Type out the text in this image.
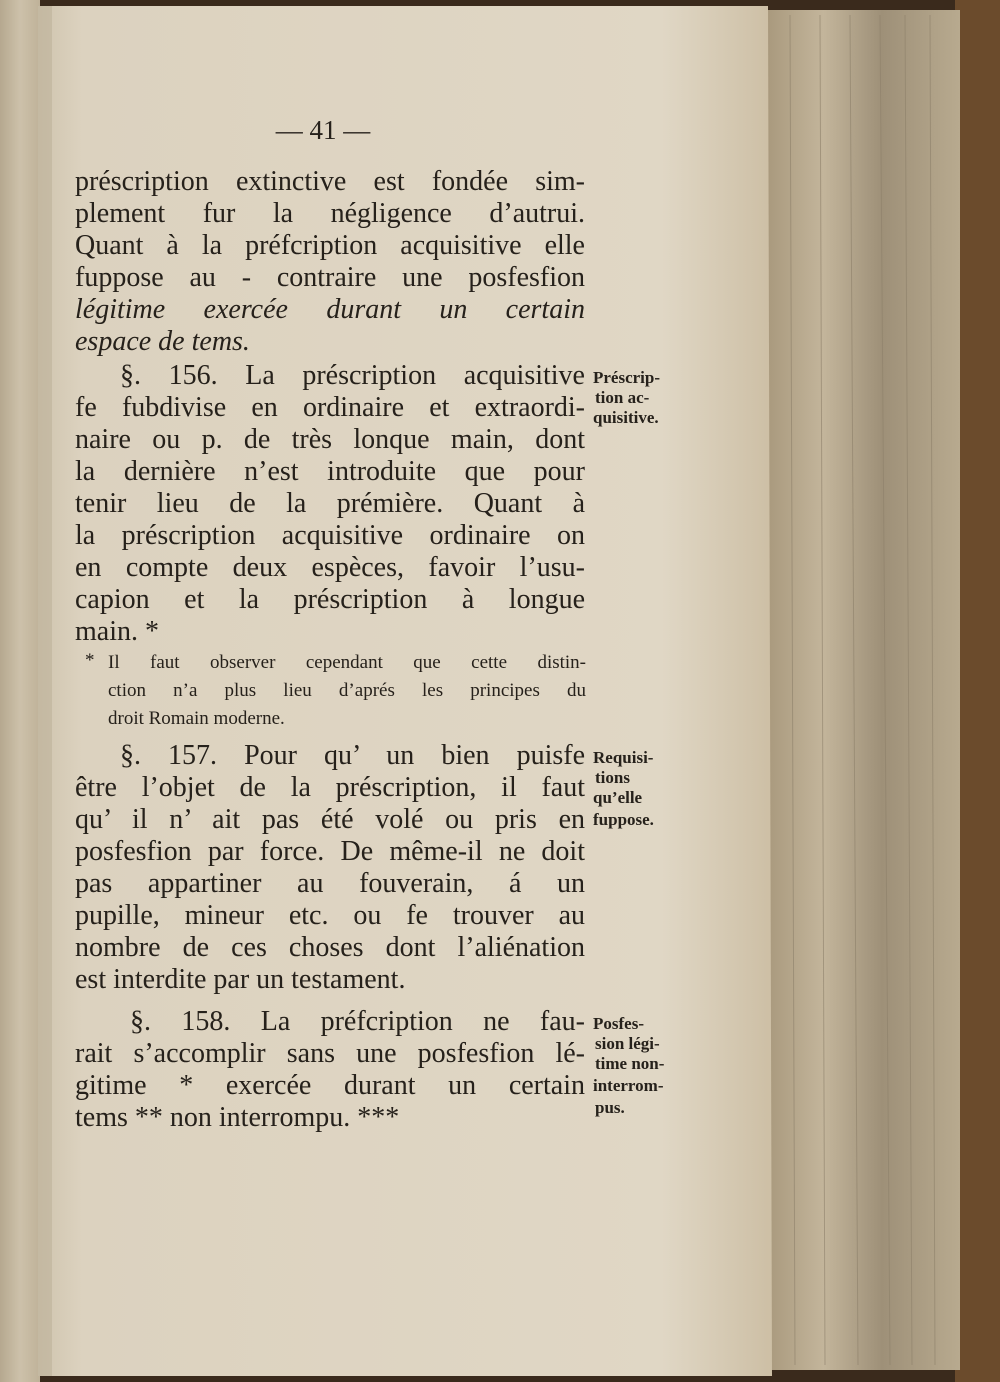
— 41 —
préscription extinctive est fondée sim-
plement fur la négligence d’autrui.
Quant à la préfcription acquisitive elle
fuppose au - contraire une posfesfion
légitime exercée durant un certain
espace de tems.
§. 156. La préscription acquisitive
fe fubdivise en ordinaire et extraordi-
naire ou p. de très lonque main, dont
la dernière n’est introduite que pour
tenir lieu de la prémière. Quant à
la préscription acquisitive ordinaire on
en compte deux espèces, favoir l’usu-
capion et la préscription à longue
main. *
* Il faut observer cependant que cette distin-
ction n’a plus lieu d’aprés les principes du
droit Romain moderne.
§. 157. Pour qu’ un bien puisfe
être l’objet de la préscription, il faut
qu’ il n’ ait pas été volé ou pris en
posfesfion par force. De même-il ne doit
pas appartiner au fouverain, á un
pupille, mineur etc. ou fe trouver au
nombre de ces choses dont l’aliénation
est interdite par un testament.
§. 158. La préfcription ne fau-
rait s’accomplir sans une posfesfion lé-
gitime * exercée durant un certain
tems ** non interrompu. ***
Préscrip-
tion ac-
quisitive.
Requisi-
tions
qu’elle
fuppose.
Posfes-
sion légi-
time non-
interrom-
pus.
